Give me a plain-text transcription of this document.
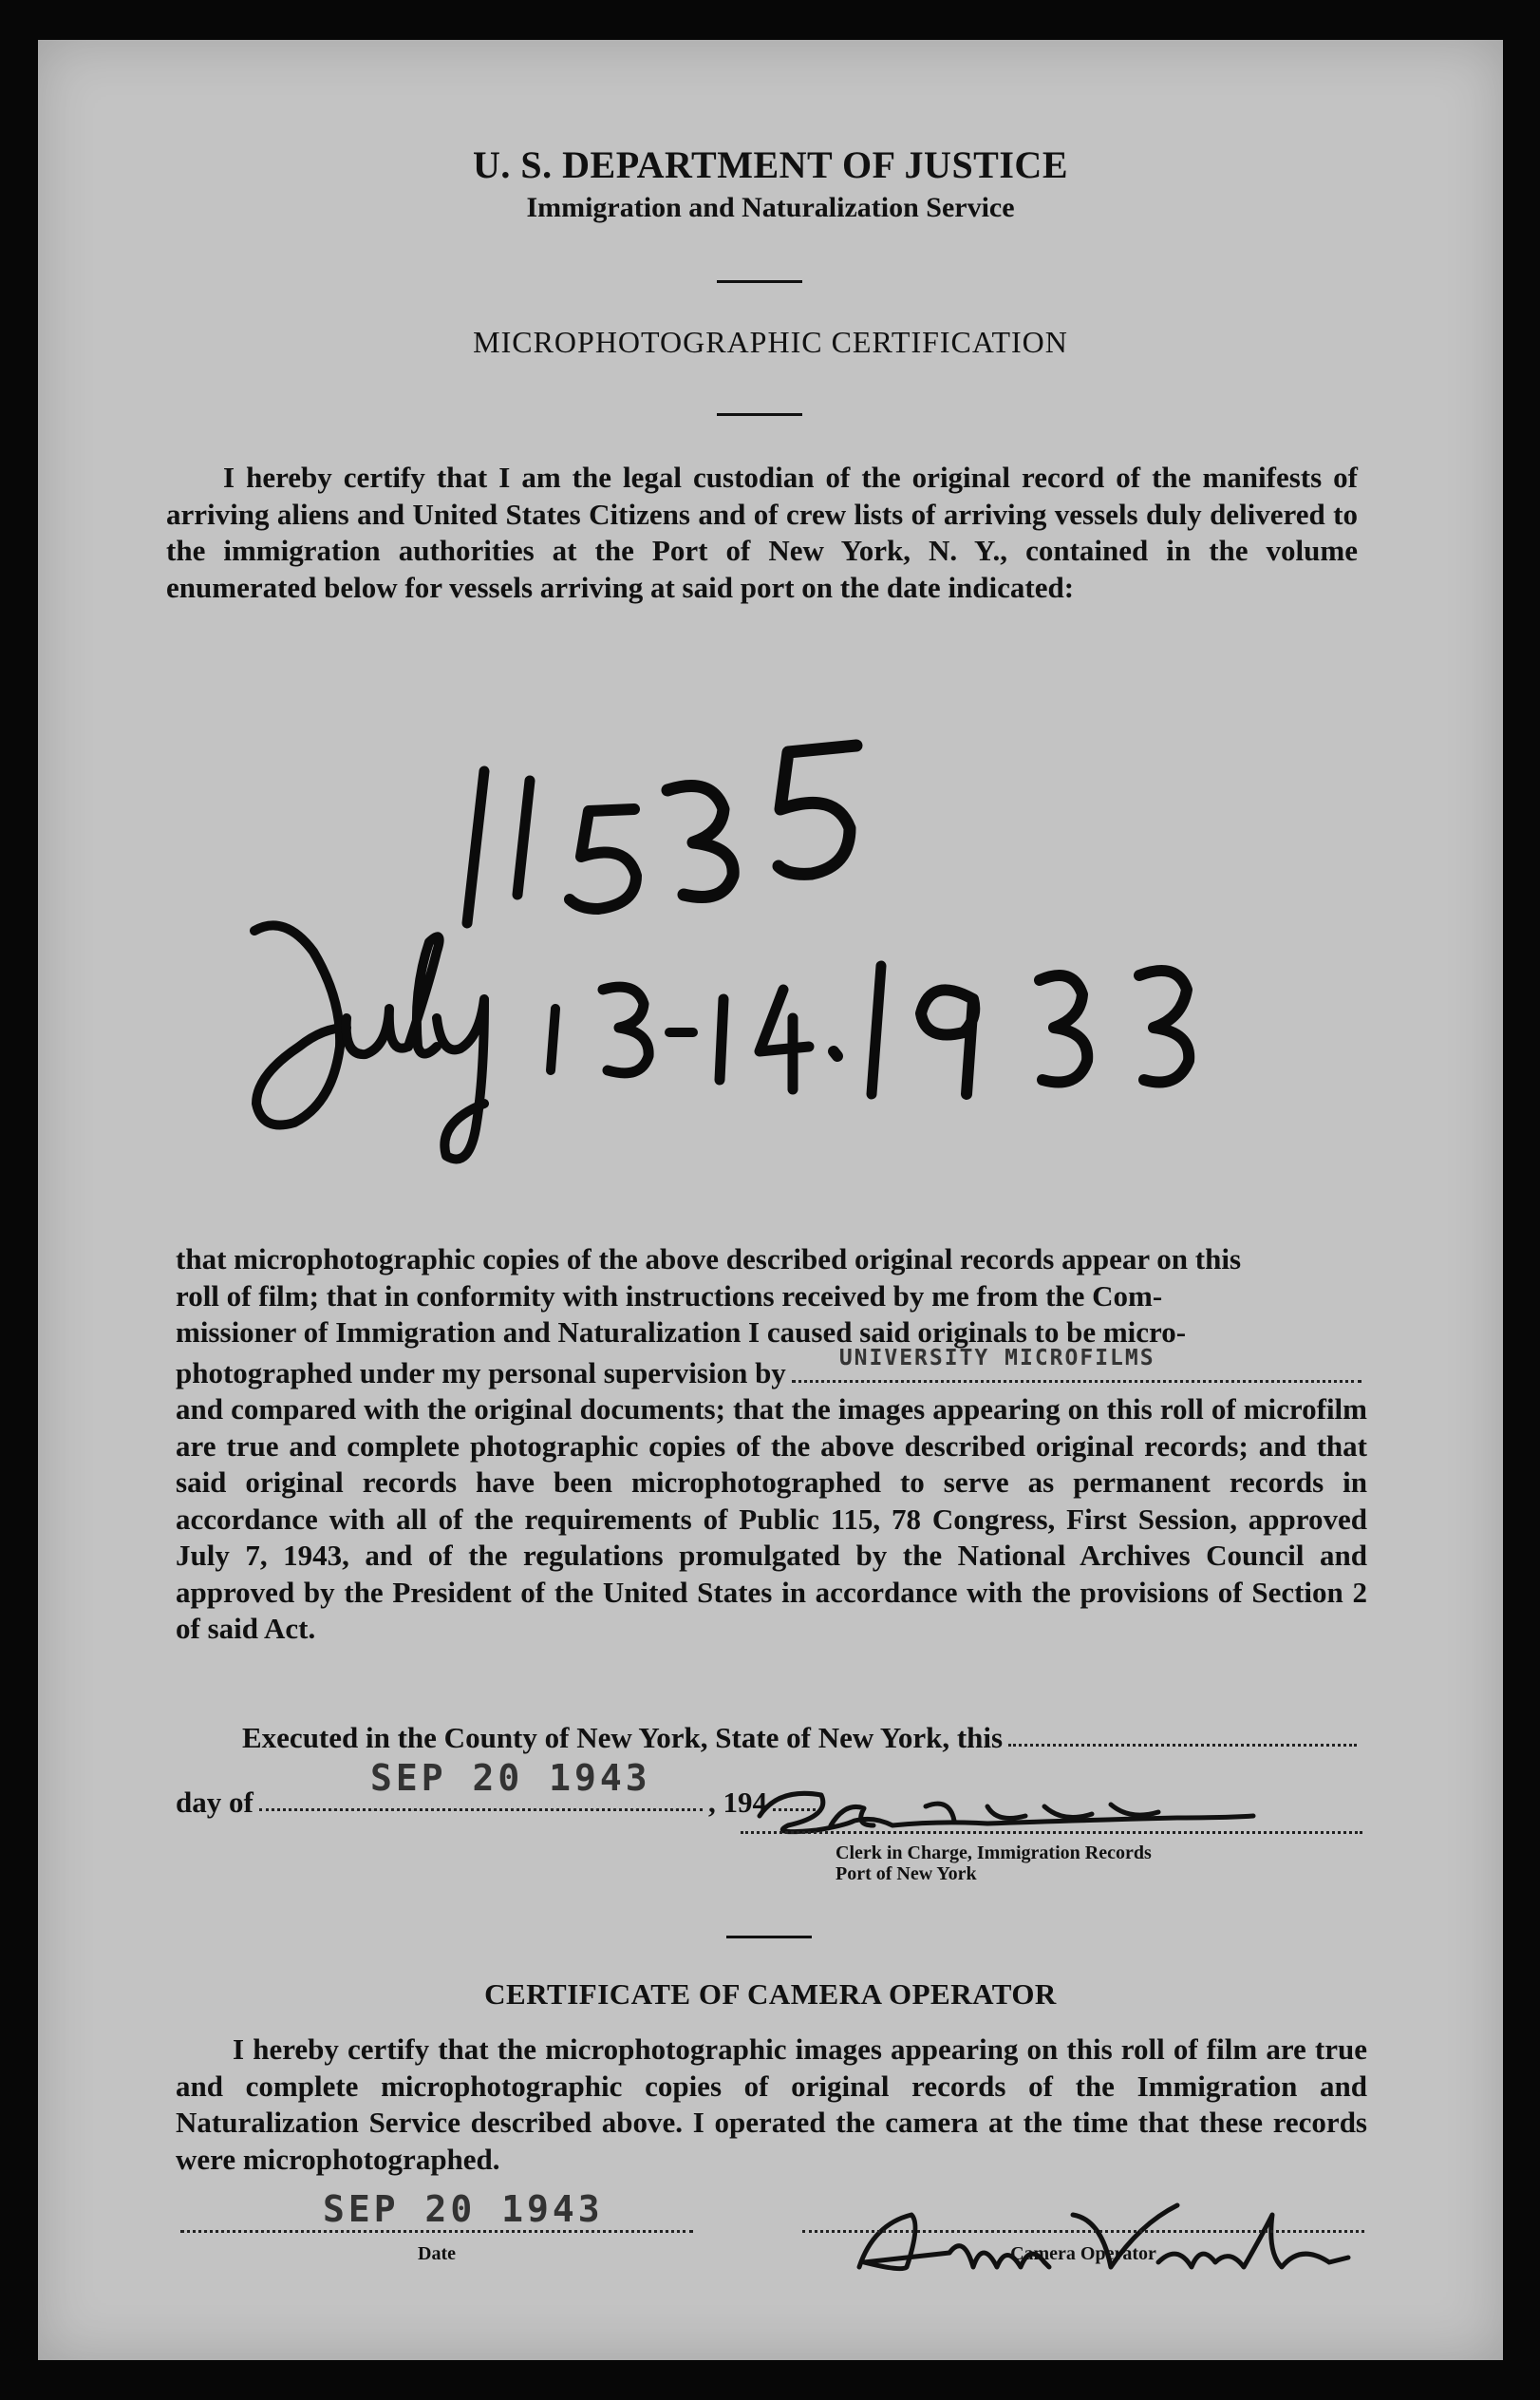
U. S. DEPARTMENT OF JUSTICE
Immigration and Naturalization Service
MICROPHOTOGRAPHIC CERTIFICATION
I hereby certify that I am the legal custodian of the original record of the manifests of arriving aliens and United States Citizens and of crew lists of arriving vessels duly delivered to the immigration authorities at the Port of New York, N. Y., contained in the volume enumerated below for vessels arriving at said port on the date indicated:
that microphotographic copies of the above described original records appear on this
roll of film; that in conformity with instructions received by me from the Com-
missioner of Immigration and Naturalization I caused said originals to be micro-
photographed under my personal supervision by UNIVERSITY MICROFILMS
and compared with the original documents; that the images appearing on this roll of microfilm are true and complete photographic copies of the above described original records; and that said original records have been microphotographed to serve as permanent records in accordance with all of the requirements of Public 115, 78 Congress, First Session, approved July 7, 1943, and of the regulations promulgated by the National Archives Council and approved by the President of the United States in accordance with the provisions of Section 2 of said Act.
Executed in the County of New York, State of New York, this
SEP 20 1943
day of	, 194
Clerk in Charge, Immigration Records
Port of New York
CERTIFICATE OF CAMERA OPERATOR
I hereby certify that the microphotographic images appearing on this roll of film are true and complete microphotographic copies of original records of the Immigration and Naturalization Service described above. I operated the camera at the time that these records were microphotographed.
SEP 20 1943
Date	Camera Operator
